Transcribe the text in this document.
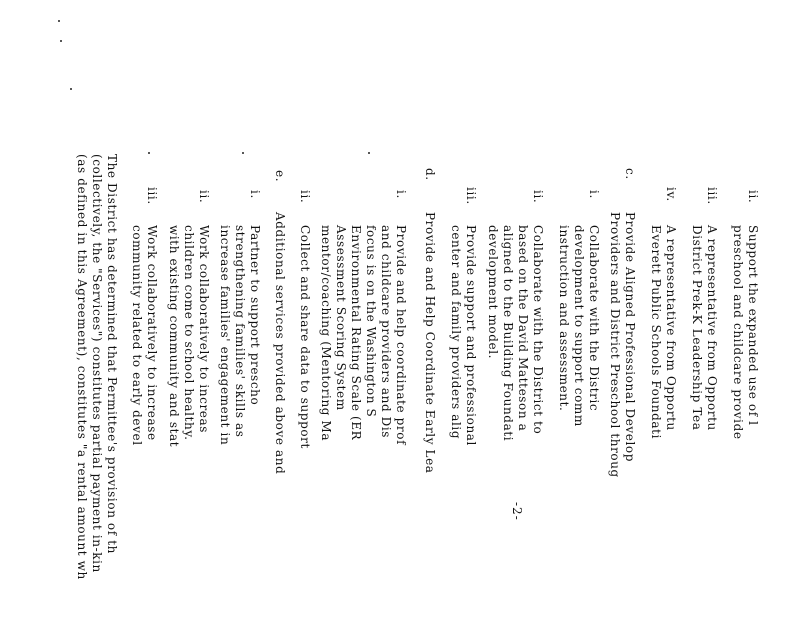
ii.
Support the expanded use of l
preschool and childcare provide
iii.
A representative from Opportu
District Prek-K Leadership Tea
iv.
A representative from Opportu
Everett Public Schools Foundati
c.
Provide Aligned Professional Develop
Providers and District Preschool throug
i.
Collaborate with the Distric
development to support comm
instruction and assessment.
ii.
Collaborate with the District to
based on the David Matteson a
aligned to the Building Foundati
development model.
iii.
Provide support and professional
center and family providers alig
d.
Provide and Help Coordinate Early Lea
i.
Provide and help coordinate prof
and childcare providers and Dis
focus is on the Washington S
Environmental Rating Scale (ER
Assessment Scoring System
mentor/coaching (Mentoring Ma
ii.
Collect and share data to support
e.
Additional services provided above and
i.
Partner to support prescho
strengthening families' skills as
increase families' engagement in
ii.
Work collaboratively to increas
children come to school healthy.
with existing community and stat
iii.
Work collaboratively to increase
community related to early devel
The District has determined that Permittee's provision of th
(collectively, the "Services") constitutes partial payment in-kin
(as defined in this Agreement), constitutes "a rental amount wh	-2-
